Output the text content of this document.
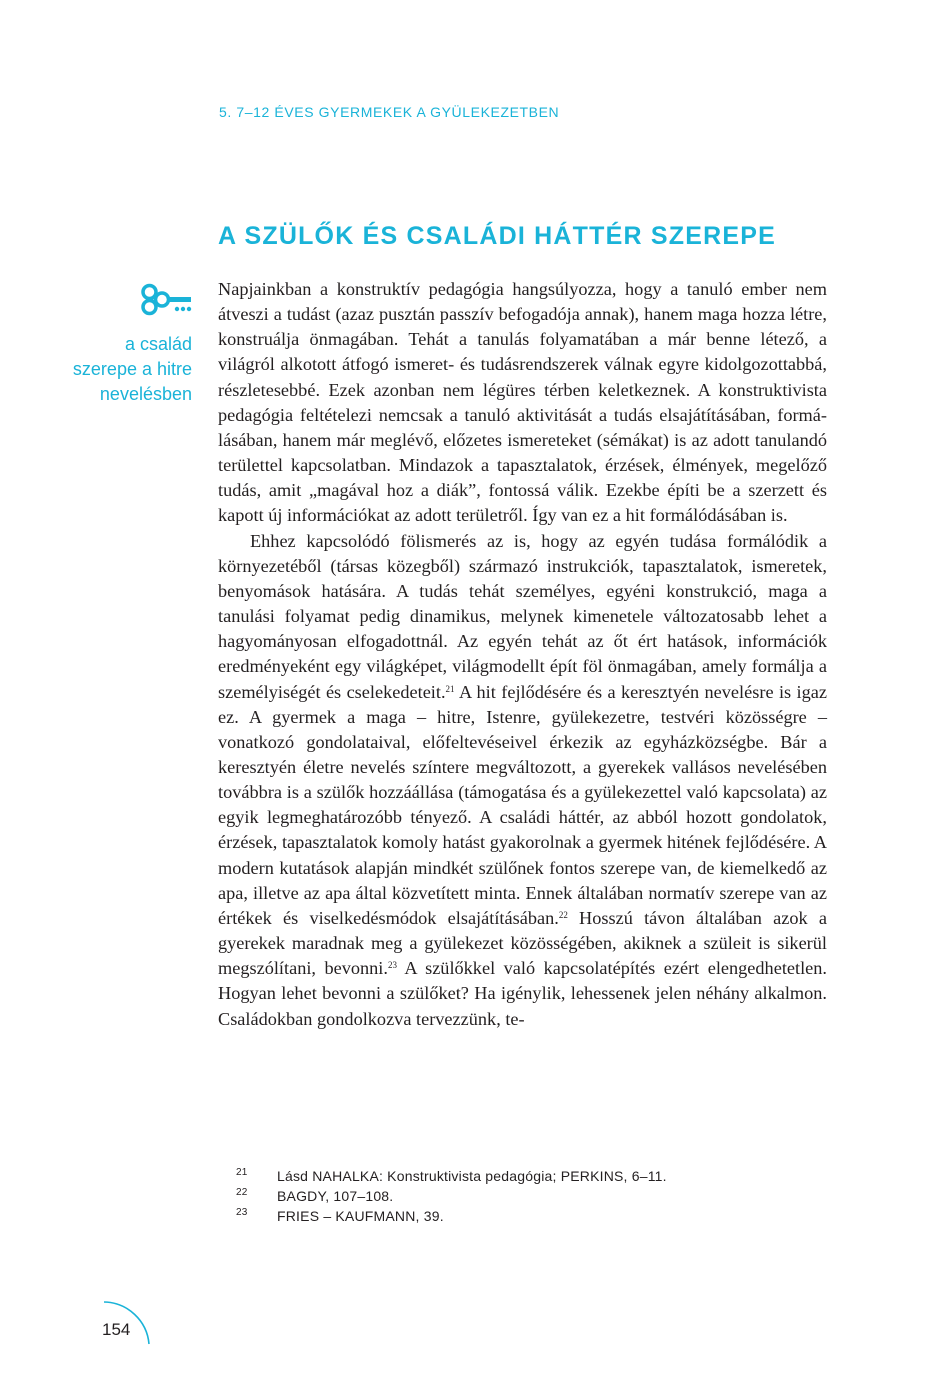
5. 7–12 ÉVES GYERMEKEK A GYÜLEKEZETBEN
A SZÜLŐK ÉS CSALÁDI HÁTTÉR SZEREPE
a család
szerepe a hitre
nevelésben

Napjainkban a konstruktív pedagógia hangsúlyozza, hogy a tanuló ember nem átveszi a tudást (azaz pusztán passzív befogadója annak), hanem maga hozza létre, konstruálja önmagában. Tehát a tanulás folyamatában a már benne létező, a világról alkotott átfogó ismeret- és tudásrendszerek válnak egyre kidolgozottabbá, részletesebbé. Ezek azonban nem légüres térben keletkeznek. A konstruktivista pedagógia feltételezi nemcsak a tanuló aktivitását a tudás elsajátításában, formálásában, hanem már meglévő, előzetes ismereteket (sémákat) is az adott tanulandó területtel kapcsolatban. Mindazok a tapasztalatok, érzések, élmények, megelőző tudás, amit „magával hoz a diák”, fontossá válik. Ezekbe építi be a szerzett és kapott új információkat az adott területről. Így van ez a hit formálódásában is.

Ehhez kapcsolódó fölismerés az is, hogy az egyén tudása formálódik a környezetéből (társas közegből) származó instrukciók, tapasztalatok, ismeretek, benyomások hatására. A tudás tehát személyes, egyéni konstrukció, maga a tanulási folyamat pedig dinamikus, melynek kimenetele változatosabb lehet a hagyományosan elfogadottnál. Az egyén tehát az őt ért hatások, információk eredményeként egy világképet, világmodellt épít föl önmagában, amely formálja a személyiségét és cselekedeteit.$^{21}$ A hit fejlődésére és a keresztyén nevelésre is igaz ez. A gyermek a maga – hitre, Istenre, gyülekezetre, testvéri közösségre – vonatkozó gondolataival, előfeltevéseivel érkezik az egyházközségbe. Bár a keresztyén életre nevelés színtere megváltozott, a gyerekek vallásos nevelésében továbbra is a szülők hozzáállása (támogatása és a gyülekezettel való kapcsolata) az egyik legmeghatározóbb tényező. A családi háttér, az abból hozott gondolatok, érzések, tapasztalatok komoly hatást gyakorolnak a gyermek hitének fejlődésére. A modern kutatások alapján mindkét szülőnek fontos szerepe van, de kiemelkedő az apa, illetve az apa által közvetített minta. Ennek általában normatív szerepe van az értékek és viselkedésmódok elsajátításában.$^{22}$ Hosszú távon általában azok a gyerekek maradnak meg a gyülekezet közösségében, akiknek a szüleit is sikerül megszólítani, bevonni.$^{23}$ A szülőkkel való kapcsolatépítés ezért elengedhetetlen. Hogyan lehet bevonni a szülőket? Ha igénylik, lehessenek jelen néhány alkalmon. Családokban gondolkozva tervezzünk, te-

21	Lásd NAHALKA: Konstruktivista pedagógia; PERKINS, 6–11.
22	BAGDY, 107–108.
23	FRIES – KAUFMANN, 39.
154
